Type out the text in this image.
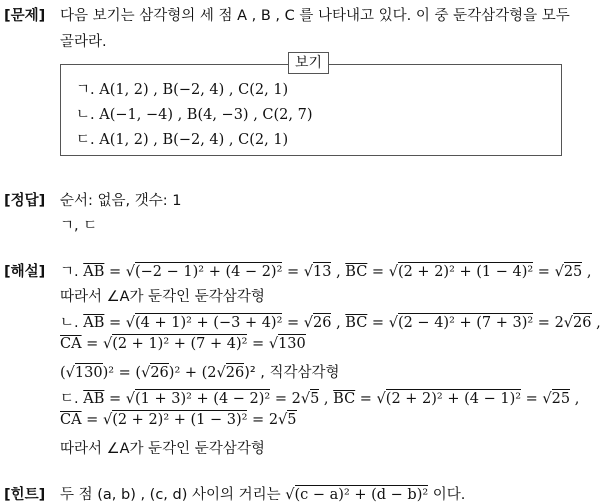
[문제] 다음 보기는 삼각형의 세 점 A , B , C 를 나타내고 있다. 이 중 둔각삼각형을 모두
골라라.
보기
ㄱ. A(1, 2) , B(−2, 4) , C(2, 1)
ㄴ. A(−1, −4) , B(4, −3) , C(2, 7)
ㄷ. A(1, 2) , B(−2, 4) , C(2, 1)
[정답] 순서: 없음, 갯수: 1
ㄱ, ㄷ
[해설] ㄱ. $\overline{AB} = √(-2 - 1)^2 + (4 - 2)^2 = √13$ , $\overline{BC} = √(2 + 2)^2 + (1 - 4)^2 = √25$ ,
따라서 ∠A가 둔각인 둔각삼각형
ㄴ. $\overline{AB} = √(4 + 1)^2 + (-3 + 4)^2 = √26$ , $\overline{BC} = √(2 - 4)^2 + (7 + 3)^2 = 2√26$ ,
$\overline{CA} = √(2 + 1)^2 + (7 + 4)^2 = √130$
(√130)² = (√26)² + (2√26)² , 직각삼각형
ㄷ. $\overline{AB} = √(1 + 3)^2 + (4 - 2)^2 = 2√5$ , $\overline{BC} = √(2 + 2)^2 + (4 - 1)^2 = √25$ ,
$\overline{CA} = √(2 + 2)^2 + (1 - 3)^2 = 2√5$
따라서 ∠A가 둔각인 둔각삼각형
[힌트] 두 점 (a, b) , (c, d) 사이의 거리는 √(c − a)² + (d − b)² 이다.
